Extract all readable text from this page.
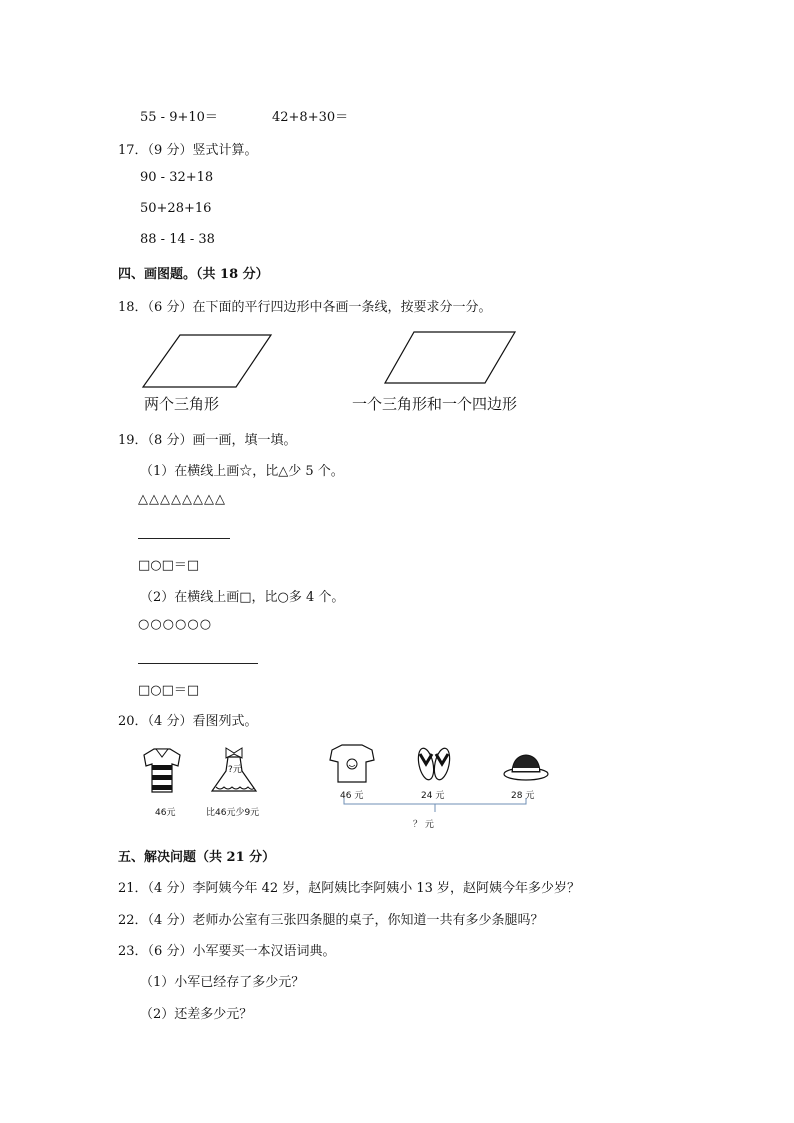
55 - 9+10＝	42+8+30＝
17．（9 分）竖式计算。
90 - 32+18
50+28+16
88 - 14 - 38
四、画图题。（共 18 分）
18．（6 分）在下面的平行四边形中各画一条线，按要求分一分。
两个三角形	一个三角形和一个四边形
19．（8 分）画一画，填一填。
（1）在横线上画☆，比△少 5 个。
△△△△△△△△
□○□＝□
（2）在横线上画□，比○多 4 个。
○○○○○○
□○□＝□
20．（4 分）看图列式。
?元
46元	比46元少9元
46 元	24 元	28 元
？ 元
五、解决问题（共 21 分）
21．（4 分）李阿姨今年 42 岁，赵阿姨比李阿姨小 13 岁，赵阿姨今年多少岁？
22．（4 分）老师办公室有三张四条腿的桌子，你知道一共有多少条腿吗？
23．（6 分）小军要买一本汉语词典。
（1）小军已经存了多少元？
（2）还差多少元？
